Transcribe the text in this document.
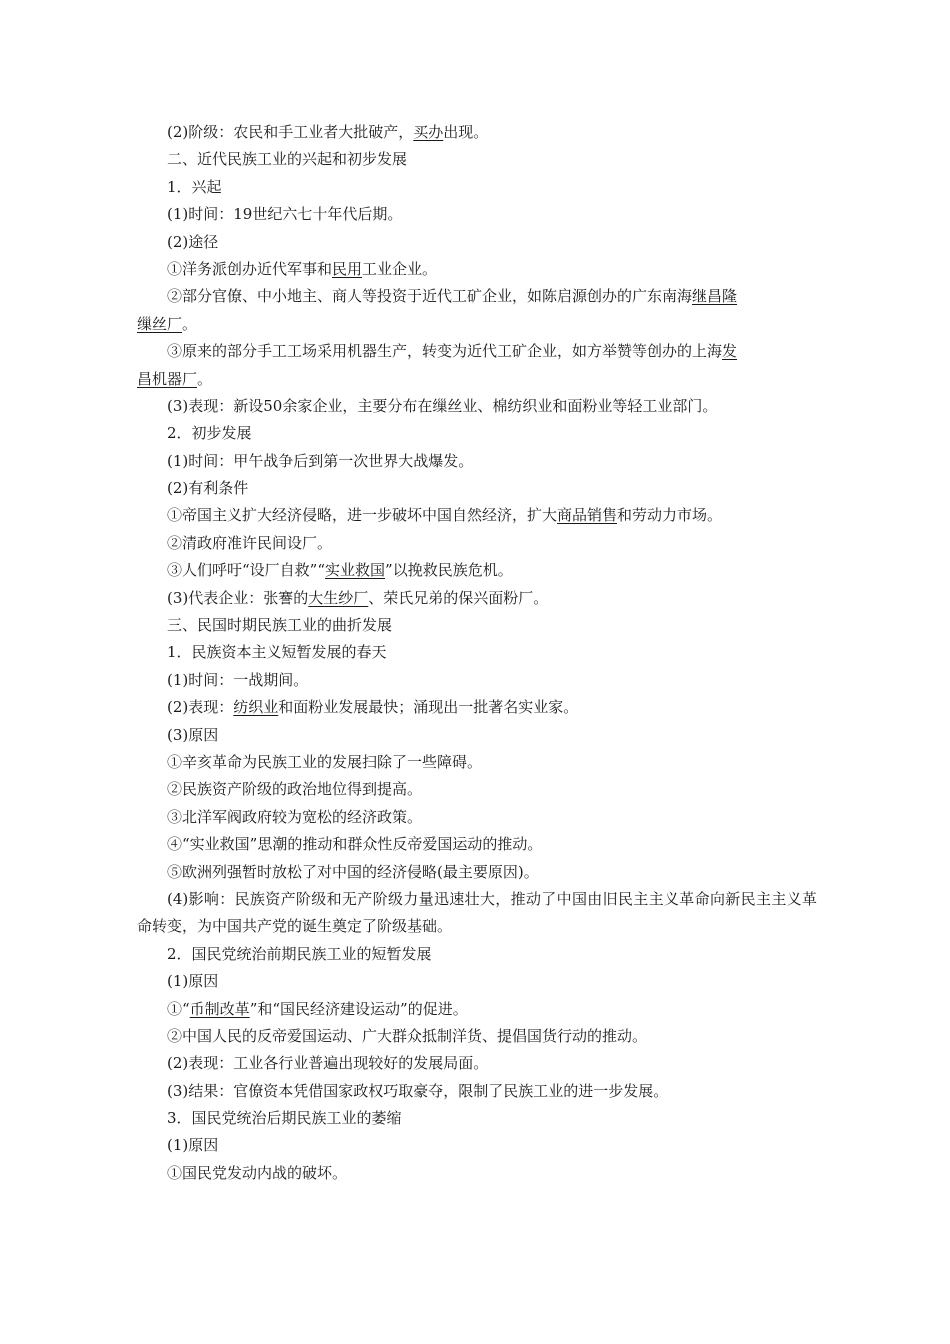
(2)阶级：农民和手工业者大批破产，买办出现。
二、近代民族工业的兴起和初步发展
1．兴起
(1)时间：19世纪六七十年代后期。
(2)途径
①洋务派创办近代军事和民用工业企业。
②部分官僚、中小地主、商人等投资于近代工矿企业，如陈启源创办的广东南海继昌隆
缫丝厂。
③原来的部分手工工场采用机器生产，转变为近代工矿企业，如方举赞等创办的上海发
昌机器厂。
(3)表现：新设50余家企业，主要分布在缫丝业、棉纺织业和面粉业等轻工业部门。
2．初步发展
(1)时间：甲午战争后到第一次世界大战爆发。
(2)有利条件
①帝国主义扩大经济侵略，进一步破坏中国自然经济，扩大商品销售和劳动力市场。
②清政府准许民间设厂。
③人们呼吁“设厂自救”“实业救国”以挽救民族危机。
(3)代表企业：张謇的大生纱厂、荣氏兄弟的保兴面粉厂。
三、民国时期民族工业的曲折发展
1．民族资本主义短暂发展的春天
(1)时间：一战期间。
(2)表现：纺织业和面粉业发展最快；涌现出一批著名实业家。
(3)原因
①辛亥革命为民族工业的发展扫除了一些障碍。
②民族资产阶级的政治地位得到提高。
③北洋军阀政府较为宽松的经济政策。
④“实业救国”思潮的推动和群众性反帝爱国运动的推动。
⑤欧洲列强暂时放松了对中国的经济侵略(最主要原因)。
(4)影响：民族资产阶级和无产阶级力量迅速壮大，推动了中国由旧民主主义革命向新民主主义革命转变，为中国共产党的诞生奠定了阶级基础。
2．国民党统治前期民族工业的短暂发展
(1)原因
①“币制改革”和“国民经济建设运动”的促进。
②中国人民的反帝爱国运动、广大群众抵制洋货、提倡国货行动的推动。
(2)表现：工业各行业普遍出现较好的发展局面。
(3)结果：官僚资本凭借国家政权巧取豪夺，限制了民族工业的进一步发展。
3．国民党统治后期民族工业的萎缩
(1)原因
①国民党发动内战的破坏。
